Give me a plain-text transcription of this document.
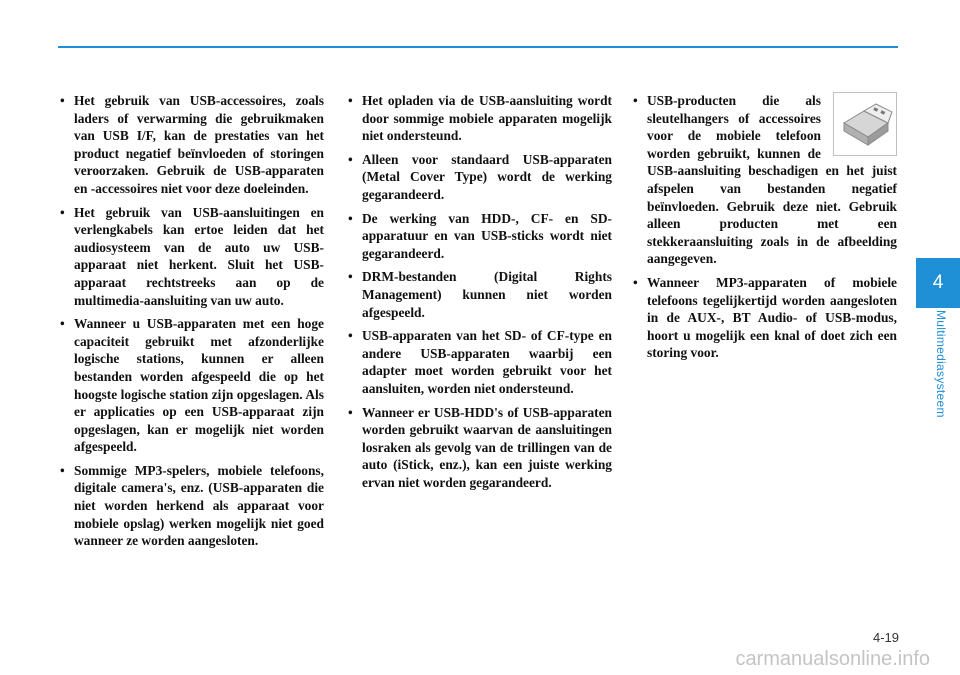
• Het gebruik van USB-accessoires, zoals laders of verwarming die gebruikmaken van USB I/F, kan de prestaties van het product negatief beïnvloeden of storingen veroorzaken. Gebruik de USB-apparaten en -accessoires niet voor deze doeleinden.
• Het gebruik van USB-aansluitingen en verlengkabels kan ertoe leiden dat het audiosysteem van de auto uw USB-apparaat niet herkent. Sluit het USB-apparaat rechtstreeks aan op de multimedia-aansluiting van uw auto.
• Wanneer u USB-apparaten met een hoge capaciteit gebruikt met afzonderlijke logische stations, kunnen er alleen bestanden worden afgespeeld die op het hoogste logische station zijn opgeslagen. Als er applicaties op een USB-apparaat zijn opgeslagen, kan er mogelijk niet worden afgespeeld.
• Sommige MP3-spelers, mobiele telefoons, digitale camera's, enz. (USB-apparaten die niet worden herkend als apparaat voor mobiele opslag) werken mogelijk niet goed wanneer ze worden aangesloten.
• Het opladen via de USB-aansluiting wordt door sommige mobiele apparaten mogelijk niet ondersteund.
• Alleen voor standaard USB-apparaten (Metal Cover Type) wordt de werking gegarandeerd.
• De werking van HDD-, CF- en SD-apparatuur en van USB-sticks wordt niet gegarandeerd.
• DRM-bestanden (Digital Rights Management) kunnen niet worden afgespeeld.
• USB-apparaten van het SD- of CF-type en andere USB-apparaten waarbij een adapter moet worden gebruikt voor het aansluiten, worden niet ondersteund.
• Wanneer er USB-HDD's of USB-apparaten worden gebruikt waarvan de aansluitingen losraken als gevolg van de trillingen van de auto (iStick, enz.), kan een juiste werking ervan niet worden gegarandeerd.
• USB-producten die als sleutelhangers of accessoires voor de mobiele telefoon worden gebruikt, kunnen de USB-aansluiting beschadigen en het juist afspelen van bestanden negatief beïnvloeden. Gebruik deze niet. Gebruik alleen producten met een stekkeraansluiting zoals in de afbeelding aangegeven.
• Wanneer MP3-apparaten of mobiele telefoons tegelijkertijd worden aangesloten in de AUX-, BT Audio- of USB-modus, hoort u mogelijk een knal of doet zich een storing voor.
4
Multimediasysteem
4-19
carmanualsonline.info
